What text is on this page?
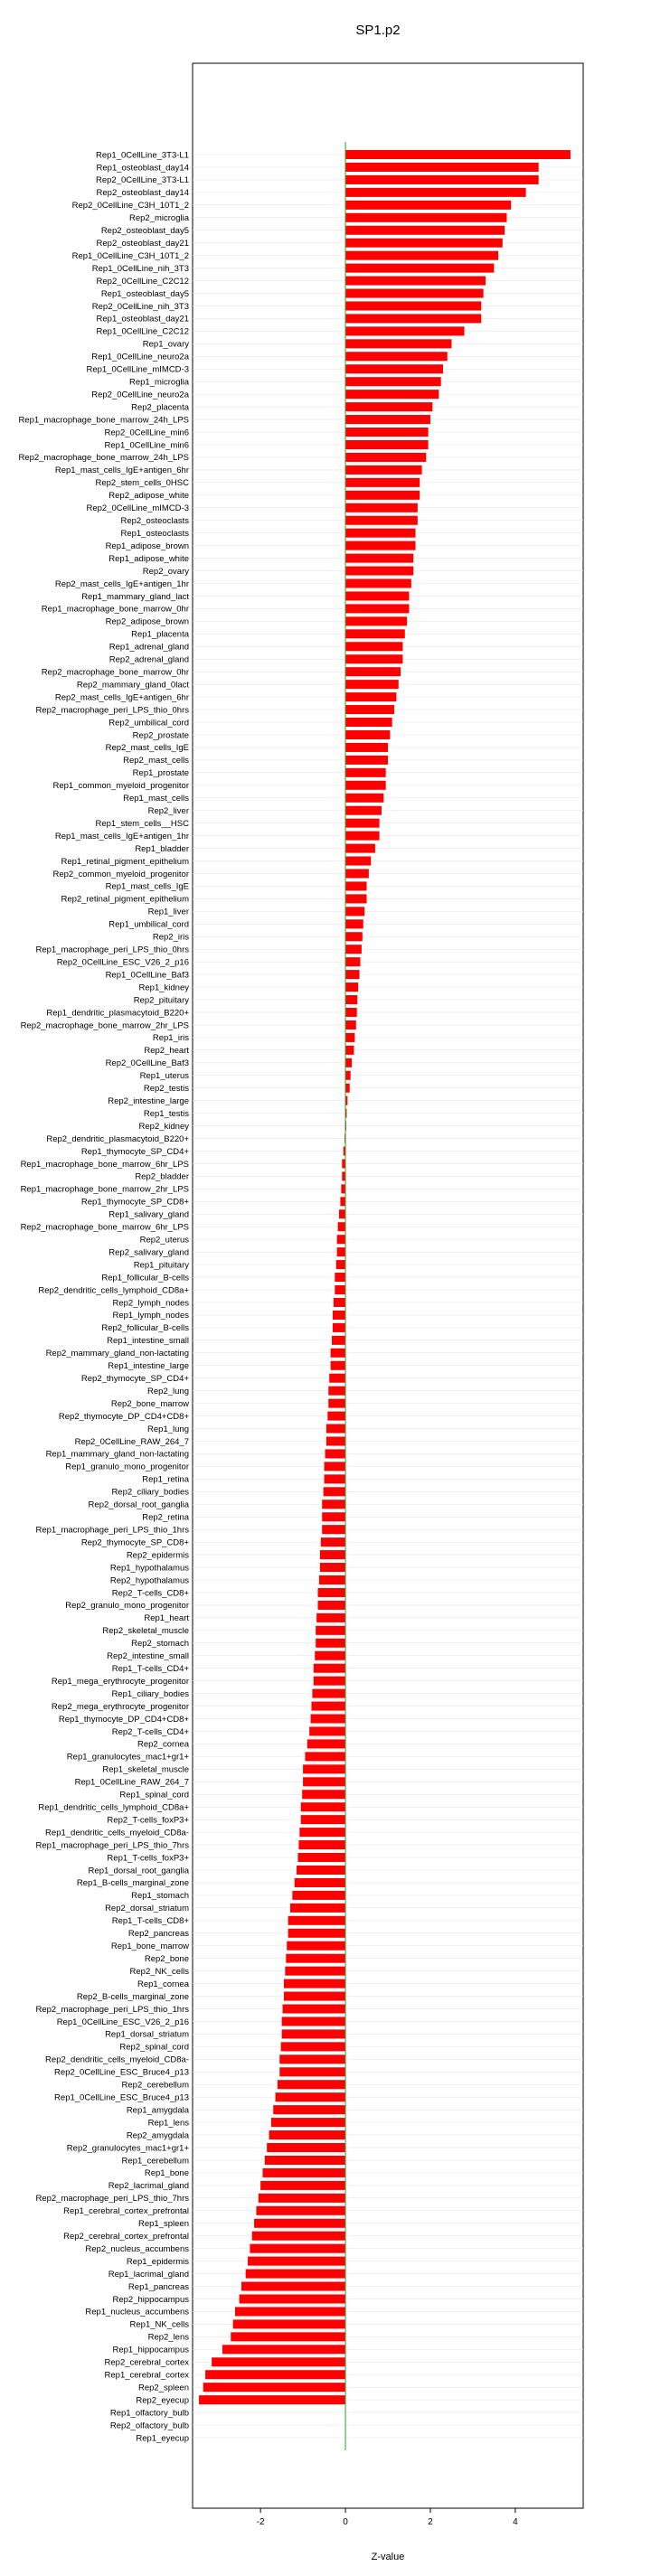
SP1.p2
Rep1_0CellLine_3T3-L1
Rep1_osteoblast_day14
Rep2_0CellLine_3T3-L1
Rep2_osteoblast_day14
Rep2_0CellLine_C3H_10T1_2
Rep2_microglia
Rep2_osteoblast_day5
Rep2_osteoblast_day21
Rep1_0CellLine_C3H_10T1_2
Rep1_0CellLine_nih_3T3
Rep2_0CellLine_C2C12
Rep1_osteoblast_day5
Rep2_0CellLine_nih_3T3
Rep1_osteoblast_day21
Rep1_0CellLine_C2C12
Rep1_ovary
Rep1_0CellLine_neuro2a
Rep1_0CellLine_mIMCD-3
Rep1_microglia
Rep2_0CellLine_neuro2a
Rep2_placenta
Rep1_macrophage_bone_marrow_24h_LPS
Rep2_0CellLine_min6
Rep1_0CellLine_min6
Rep2_macrophage_bone_marrow_24h_LPS
Rep1_mast_cells_IgE+antigen_6hr
Rep2_stem_cells_0HSC
Rep2_adipose_white
Rep2_0CellLine_mIMCD-3
Rep2_osteoclasts
Rep1_osteoclasts
Rep1_adipose_brown
Rep1_adipose_white
Rep2_ovary
Rep2_mast_cells_IgE+antigen_1hr
Rep1_mammary_gland_lact
Rep1_macrophage_bone_marrow_0hr
Rep2_adipose_brown
Rep1_placenta
Rep1_adrenal_gland
Rep2_adrenal_gland
Rep2_macrophage_bone_marrow_0hr
Rep2_mammary_gland_0lact
Rep2_mast_cells_IgE+antigen_6hr
Rep2_macrophage_peri_LPS_thio_0hrs
Rep2_umbilical_cord
Rep2_prostate
Rep2_mast_cells_IgE
Rep2_mast_cells
Rep1_prostate
Rep1_common_myeloid_progenitor
Rep1_mast_cells
Rep2_liver
Rep1_stem_cells__HSC
Rep1_mast_cells_IgE+antigen_1hr
Rep1_bladder
Rep1_retinal_pigment_epithelium
Rep2_common_myeloid_progenitor
Rep1_mast_cells_IgE
Rep2_retinal_pigment_epithelium
Rep1_liver
Rep1_umbilical_cord
Rep2_iris
Rep1_macrophage_peri_LPS_thio_0hrs
Rep2_0CellLine_ESC_V26_2_p16
Rep1_0CellLine_Baf3
Rep1_kidney
Rep2_pituitary
Rep1_dendritic_plasmacytoid_B220+
Rep2_macrophage_bone_marrow_2hr_LPS
Rep1_iris
Rep2_heart
Rep2_0CellLine_Baf3
Rep1_uterus
Rep2_testis
Rep2_intestine_large
Rep1_testis
Rep2_kidney
Rep2_dendritic_plasmacytoid_B220+
Rep1_thymocyte_SP_CD4+
Rep1_macrophage_bone_marrow_6hr_LPS
Rep2_bladder
Rep1_macrophage_bone_marrow_2hr_LPS
Rep1_thymocyte_SP_CD8+
Rep1_salivary_gland
Rep2_macrophage_bone_marrow_6hr_LPS
Rep2_uterus
Rep2_salivary_gland
Rep1_pituitary
Rep1_follicular_B-cells
Rep2_dendritic_cells_lymphoid_CD8a+
Rep2_lymph_nodes
Rep1_lymph_nodes
Rep2_follicular_B-cells
Rep1_intestine_small
Rep2_mammary_gland_non-lactating
Rep1_intestine_large
Rep2_thymocyte_SP_CD4+
Rep2_lung
Rep2_bone_marrow
Rep2_thymocyte_DP_CD4+CD8+
Rep1_lung
Rep2_0CellLine_RAW_264_7
Rep1_mammary_gland_non-lactating
Rep1_granulo_mono_progenitor
Rep1_retina
Rep2_ciliary_bodies
Rep2_dorsal_root_ganglia
Rep2_retina
Rep1_macrophage_peri_LPS_thio_1hrs
Rep2_thymocyte_SP_CD8+
Rep2_epidermis
Rep1_hypothalamus
Rep2_hypothalamus
Rep2_T-cells_CD8+
Rep2_granulo_mono_progenitor
Rep1_heart
Rep2_skeletal_muscle
Rep2_stomach
Rep2_intestine_small
Rep1_T-cells_CD4+
Rep1_mega_erythrocyte_progenitor
Rep1_ciliary_bodies
Rep2_mega_erythrocyte_progenitor
Rep1_thymocyte_DP_CD4+CD8+
Rep2_T-cells_CD4+
Rep2_cornea
Rep1_granulocytes_mac1+gr1+
Rep1_skeletal_muscle
Rep1_0CellLine_RAW_264_7
Rep1_spinal_cord
Rep1_dendritic_cells_lymphoid_CD8a+
Rep2_T-cells_foxP3+
Rep1_dendritic_cells_myeloid_CD8a-
Rep1_macrophage_peri_LPS_thio_7hrs
Rep1_T-cells_foxP3+
Rep1_dorsal_root_ganglia
Rep1_B-cells_marginal_zone
Rep1_stomach
Rep2_dorsal_striatum
Rep1_T-cells_CD8+
Rep2_pancreas
Rep1_bone_marrow
Rep2_bone
Rep2_NK_cells
Rep1_cornea
Rep2_B-cells_marginal_zone
Rep2_macrophage_peri_LPS_thio_1hrs
Rep1_0CellLine_ESC_V26_2_p16
Rep1_dorsal_striatum
Rep2_spinal_cord
Rep2_dendritic_cells_myeloid_CD8a-
Rep2_0CellLine_ESC_Bruce4_p13
Rep2_cerebellum
Rep1_0CellLine_ESC_Bruce4_p13
Rep1_amygdala
Rep1_lens
Rep2_amygdala
Rep2_granulocytes_mac1+gr1+
Rep1_cerebellum
Rep1_bone
Rep2_lacrimal_gland
Rep2_macrophage_peri_LPS_thio_7hrs
Rep1_cerebral_cortex_prefrontal
Rep1_spleen
Rep2_cerebral_cortex_prefrontal
Rep2_nucleus_accumbens
Rep1_epidermis
Rep1_lacrimal_gland
Rep1_pancreas
Rep2_hippocampus
Rep1_nucleus_accumbens
Rep1_NK_cells
Rep2_lens
Rep1_hippocampus
Rep2_cerebral_cortex
Rep1_cerebral_cortex
Rep2_spleen
Rep2_eyecup
Rep1_olfactory_bulb
Rep2_olfactory_bulb
Rep1_eyecup
-2	0	2	4
Z-value
